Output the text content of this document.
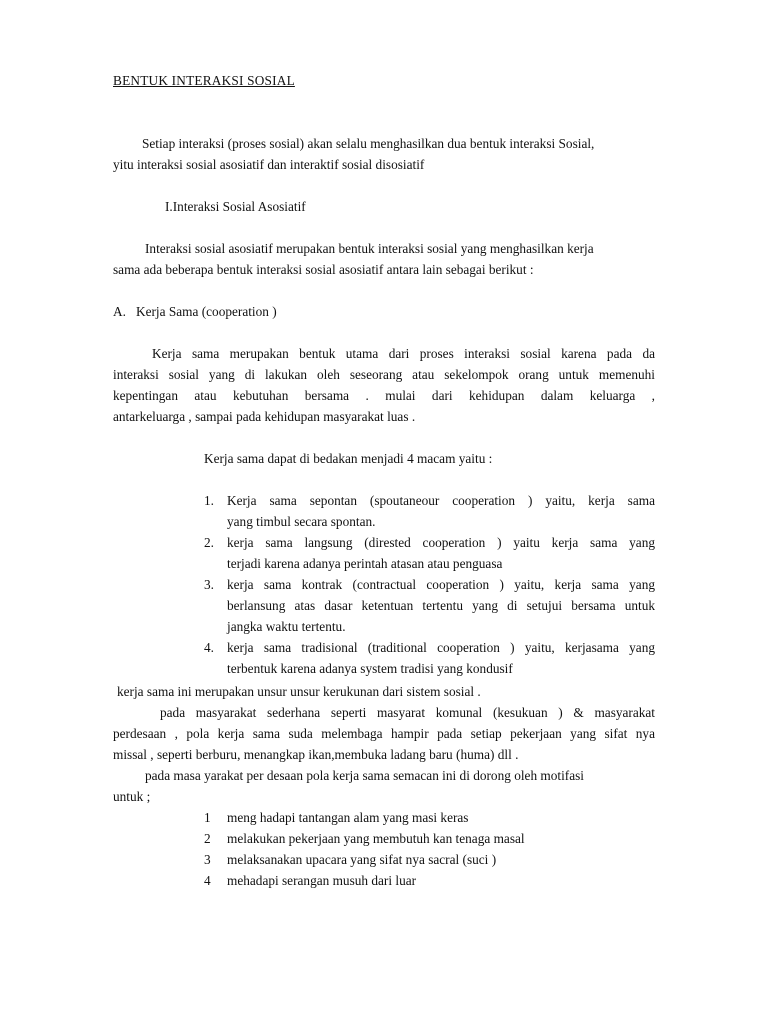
BENTUK INTERAKSI SOSIAL
Setiap interaksi (proses sosial) akan selalu menghasilkan dua bentuk interaksi Sosial,
yitu interaksi sosial asosiatif dan interaktif sosial disosiatif
I.Interaksi Sosial Asosiatif
Interaksi sosial asosiatif merupakan bentuk interaksi sosial yang menghasilkan kerja
sama ada beberapa bentuk interaksi sosial asosiatif antara lain sebagai berikut :
A. Kerja Sama (cooperation )
Kerja sama merupakan bentuk utama dari proses interaksi sosial karena pada da
interaksi sosial yang di lakukan oleh seseorang atau sekelompok orang untuk memenuhi
kepentingan atau kebutuhan bersama . mulai dari kehidupan dalam keluarga ,
antarkeluarga , sampai pada kehidupan masyarakat luas .
Kerja sama dapat di bedakan menjadi 4 macam yaitu :
1. Kerja sama sepontan (spoutaneour cooperation ) yaitu, kerja sama
yang timbul secara spontan.
2. kerja sama langsung (dirested cooperation ) yaitu kerja sama yang
terjadi karena adanya perintah atasan atau penguasa
3. kerja sama kontrak (contractual cooperation ) yaitu, kerja sama yang
berlansung atas dasar ketentuan tertentu yang di setujui bersama untuk
jangka waktu tertentu.
4. kerja sama tradisional (traditional cooperation ) yaitu, kerjasama yang
terbentuk karena adanya system tradisi yang kondusif
kerja sama ini merupakan unsur unsur kerukunan dari sistem sosial .
pada masyarakat sederhana seperti masyarat komunal (kesukuan ) & masyarakat
perdesaan , pola kerja sama suda melembaga hampir pada setiap pekerjaan yang sifat nya
missal , seperti berburu, menangkap ikan,membuka ladang baru (huma) dll .
pada masa yarakat per desaan pola kerja sama semacan ini di dorong oleh motifasi
untuk ;
1 meng hadapi tantangan alam yang masi keras
2 melakukan pekerjaan yang membutuh kan tenaga masal
3 melaksanakan upacara yang sifat nya sacral (suci )
4 mehadapi serangan musuh dari luar
